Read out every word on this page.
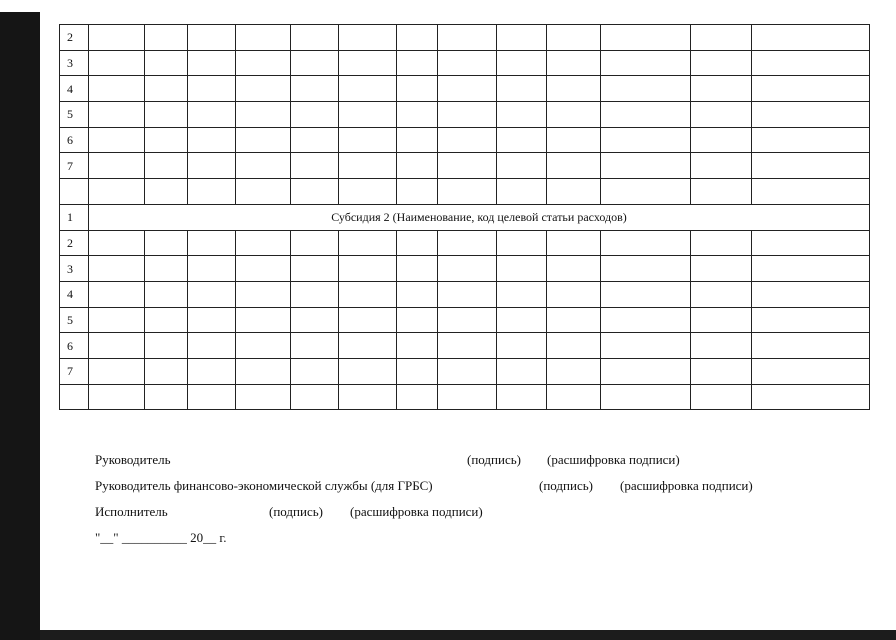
2													
3													
4													
5													
6													
7													

1	Субсидия 2 (Наименование, код целевой статьи расходов)												
2													
3													
4													
5													
6													
7													

Руководитель	(подпись) (расшифровка подписи)
Руководитель финансово-экономической службы (для ГРБС)	(подпись) (расшифровка подписи)
Исполнитель	(подпись) (расшифровка подписи)
"__" __________ 20__ г.
